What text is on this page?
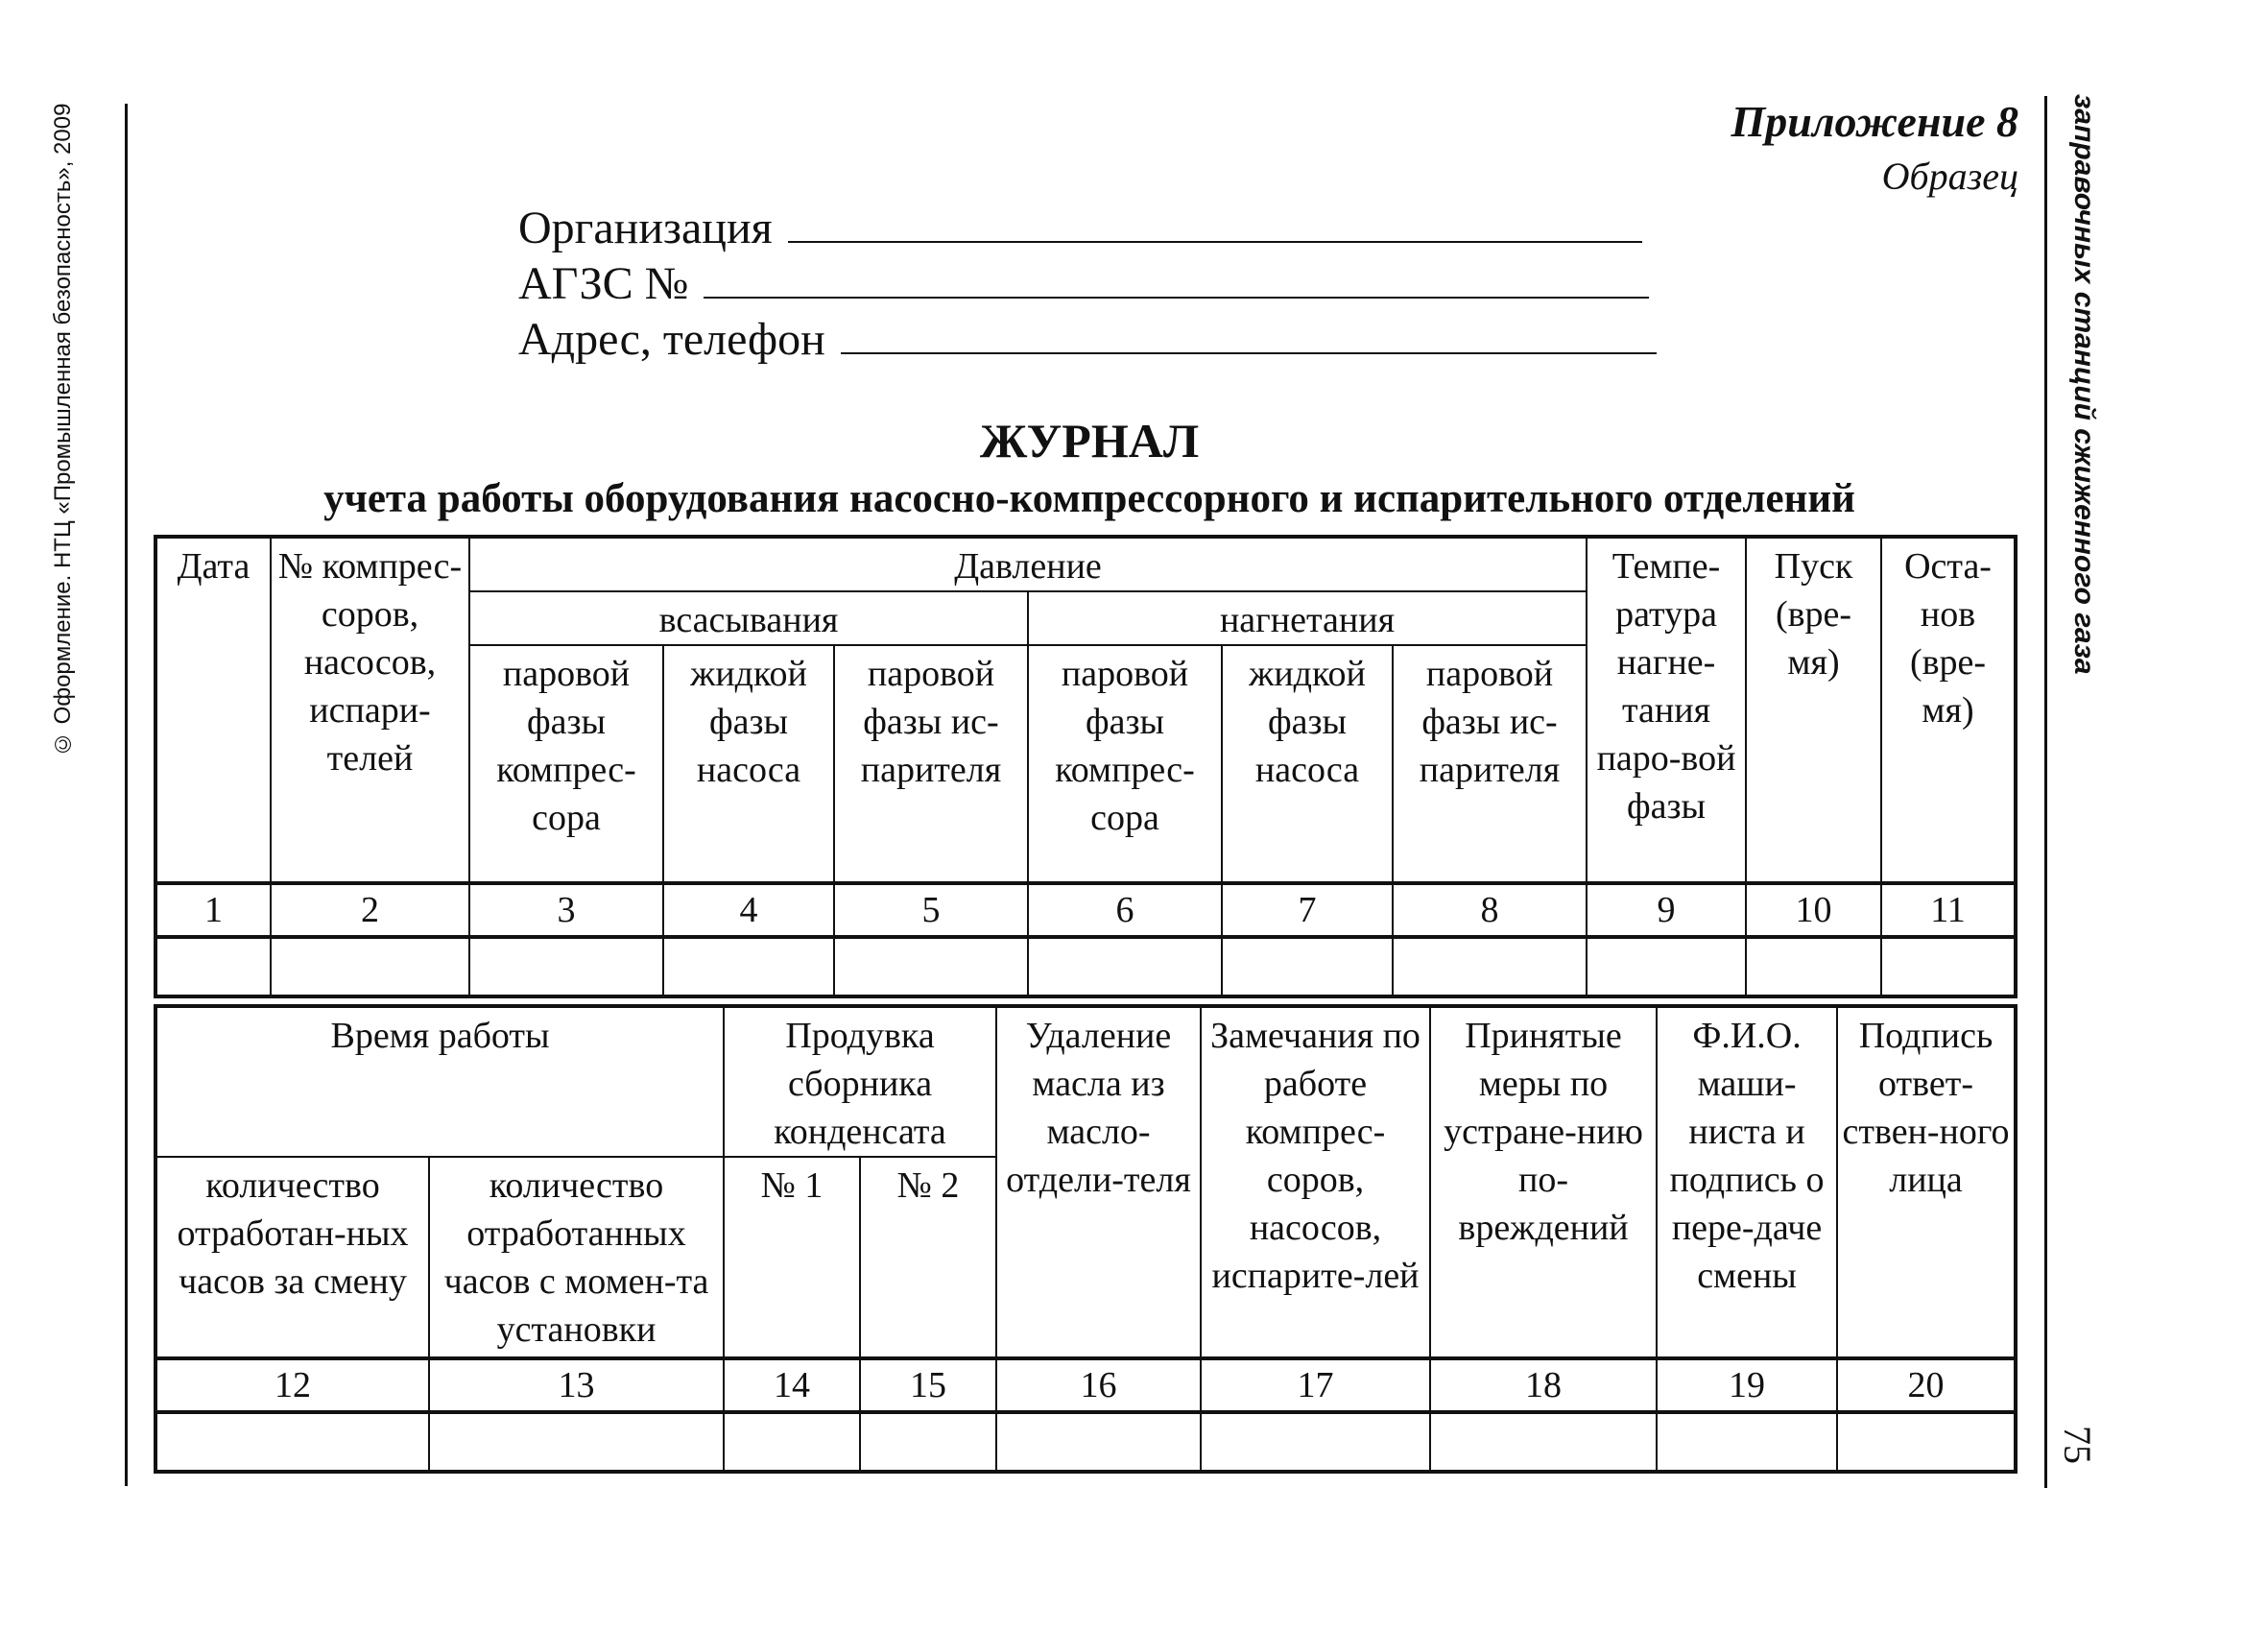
© Оформление. НТЦ «Промышленная безопасность», 2009	заправочных станций сжиженного газа
75
Приложение 8
Образец
Организация
АГЗС №
Адрес, телефон
ЖУРНАЛ
учета работы оборудования насосно-компрессорного и испарительного отделений
Дата	№ компрес-соров, насосов, испари-телей	Давление						Темпе-ратура нагне-тания паро-вой фазы	Пуск (вре-мя)	Оста-нов (вре-мя)
		всасывания			нагнетания					
		паровой фазы компрес-сора	жидкой фазы насоса	паровой фазы ис-парителя	паровой фазы компрес-сора	жидкой фазы насоса	паровой фазы ис-парителя			
1	2	3	4	5	6	7	8	9	10	11

Время работы		Продувка сборника конденсата		Удаление масла из масло-отдели-теля	Замечания по работе компрес-соров, насосов, испарите-лей	Принятые меры по устране-нию по-вреждений	Ф.И.О. маши-ниста и подпись о пере-даче смены	Подпись ответ-ствен-ного лица
количество отработан-ных часов за смену	количество отработанных часов с момен-та установки	№ 1	№ 2					
12	13	14	15	16	17	18	19	20
